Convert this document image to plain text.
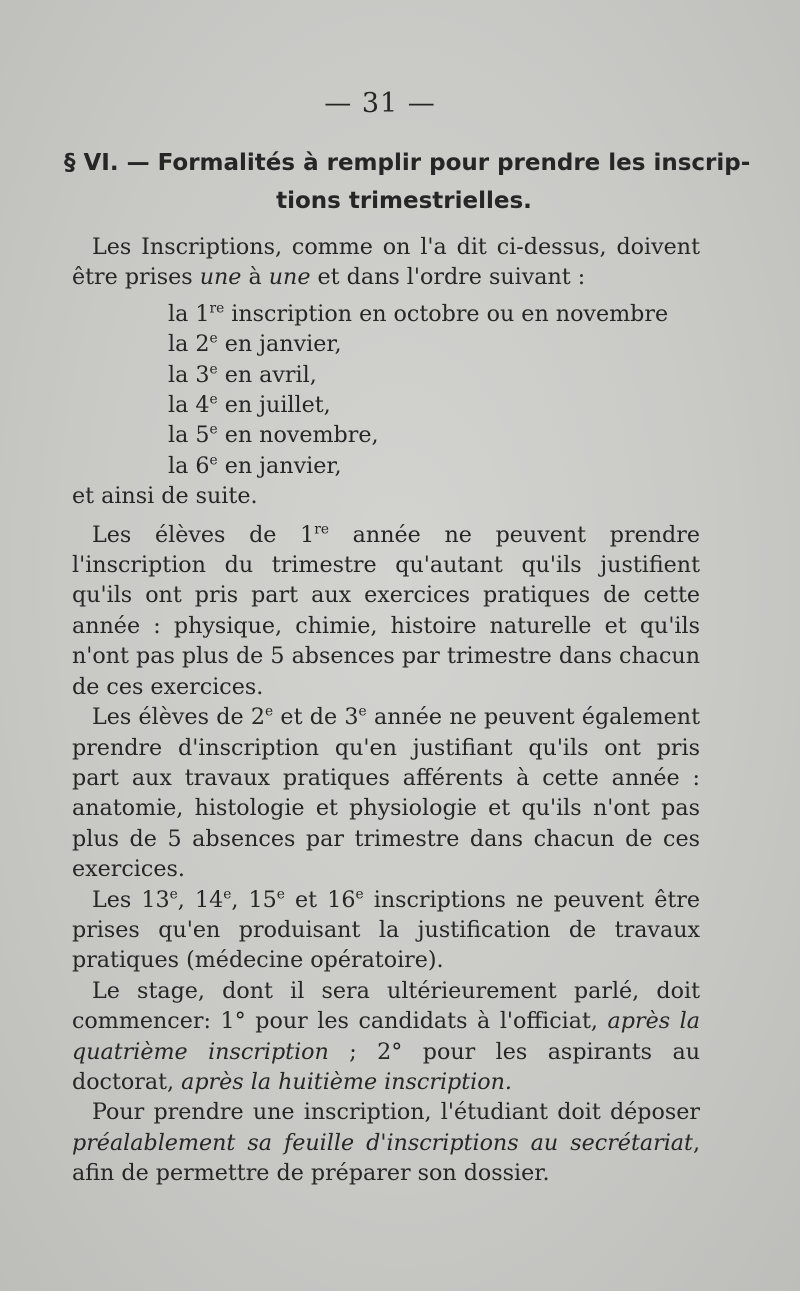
— 31 —
§ VI. — Formalités à remplir pour prendre les inscrip-
tions trimestrielles.

Les Inscriptions, comme on l'a dit ci-dessus, doivent être prises une à une et dans l'ordre suivant :

la 1re inscription en octobre ou en novembre
la 2e en janvier,
la 3e en avril,
la 4e en juillet,
la 5e en novembre,
la 6e en janvier,

et ainsi de suite.

Les élèves de 1re année ne peuvent prendre l'inscription du trimestre qu'autant qu'ils justifient qu'ils ont pris part aux exercices pratiques de cette année : physique, chimie, histoire naturelle et qu'ils n'ont pas plus de 5 absences par trimestre dans chacun de ces exercices.

Les élèves de 2e et de 3e année ne peuvent également prendre d'inscription qu'en justifiant qu'ils ont pris part aux travaux pratiques afférents à cette année : anatomie, histologie et physiologie et qu'ils n'ont pas plus de 5 absences par trimestre dans chacun de ces exercices.

Les 13e, 14e, 15e et 16e inscriptions ne peuvent être prises qu'en produisant la justification de travaux pratiques (médecine opératoire).

Le stage, dont il sera ultérieurement parlé, doit commencer: 1° pour les candidats à l'officiat, après la quatrième inscription ; 2° pour les aspirants au doctorat, après la huitième inscription.

Pour prendre une inscription, l'étudiant doit déposer préalablement sa feuille d'inscriptions au secrétariat, afin de permettre de préparer son dossier.
